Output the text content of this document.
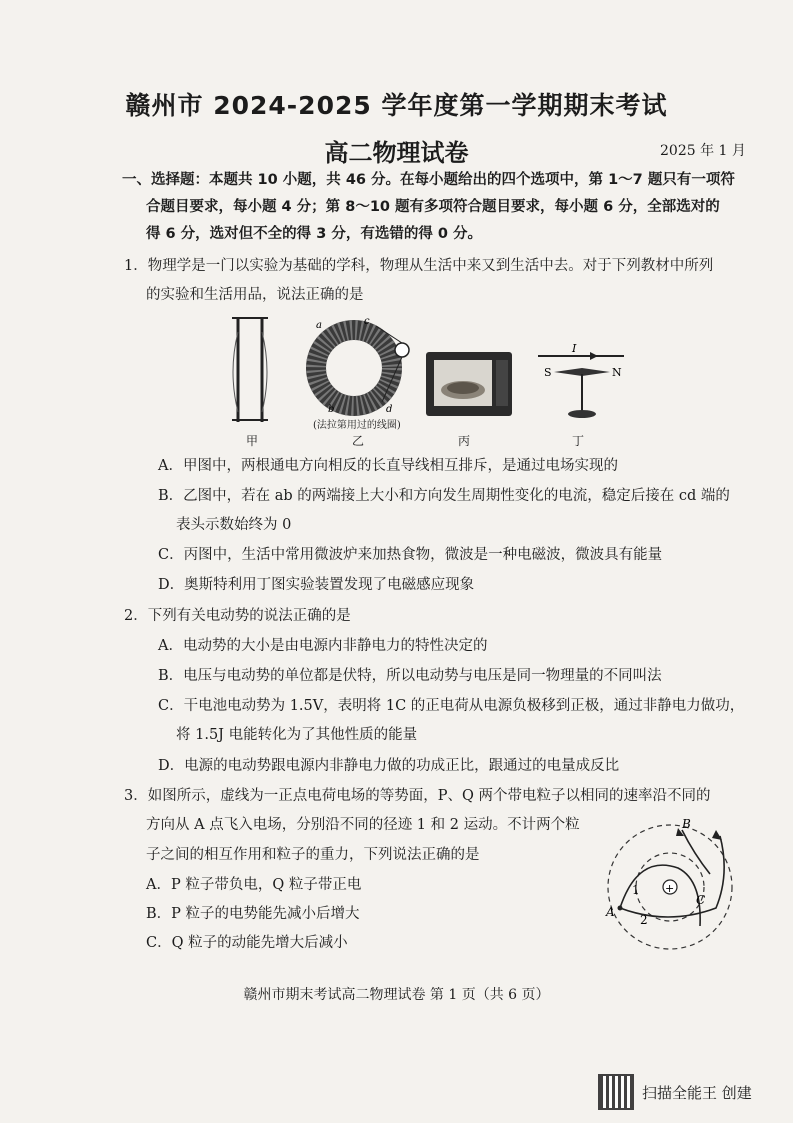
赣州市 2024-2025 学年度第一学期期末考试
高二物理试卷	2025 年 1 月
一、选择题：本题共 10 小题，共 46 分。在每小题给出的四个选项中，第 1～7 题只有一项符
合题目要求，每小题 4 分；第 8～10 题有多项符合题目要求，每小题 6 分，全部选对的
得 6 分，选对但不全的得 3 分，有选错的得 0 分。
1．物理学是一门以实验为基础的学科，物理从生活中来又到生活中去。对于下列教材中所列
的实验和生活用品，说法正确的是
甲
a
b
c
d
(法拉第用过的线圈)
乙	丙
I
S	N
丁
A．甲图中，两根通电方向相反的长直导线相互排斥，是通过电场实现的
B．乙图中，若在 ab 的两端接上大小和方向发生周期性变化的电流，稳定后接在 cd 端的
表头示数始终为 0
C．丙图中，生活中常用微波炉来加热食物，微波是一种电磁波，微波具有能量
D．奥斯特利用丁图实验装置发现了电磁感应现象
2．下列有关电动势的说法正确的是
A．电动势的大小是由电源内非静电力的特性决定的
B．电压与电动势的单位都是伏特，所以电动势与电压是同一物理量的不同叫法
C．干电池电动势为 1.5V，表明将 1C 的正电荷从电源负极移到正极，通过非静电力做功，
将 1.5J 电能转化为了其他性质的能量
D．电源的电动势跟电源内非静电力做的功成正比，跟通过的电量成反比
3．如图所示，虚线为一正点电荷电场的等势面，P、Q 两个带电粒子以相同的速率沿不同的
方向从 A 点飞入电场，分别沿不同的径迹 1 和 2 运动。不计两个粒
子之间的相互作用和粒子的重力，下列说法正确的是
A．P 粒子带负电，Q 粒子带正电
B．P 粒子的电势能先减小后增大
C．Q 粒子的动能先增大后减小
+
A
B
C
1
2
赣州市期末考试高二物理试卷 第 1 页（共 6 页）
扫描全能王 创建
